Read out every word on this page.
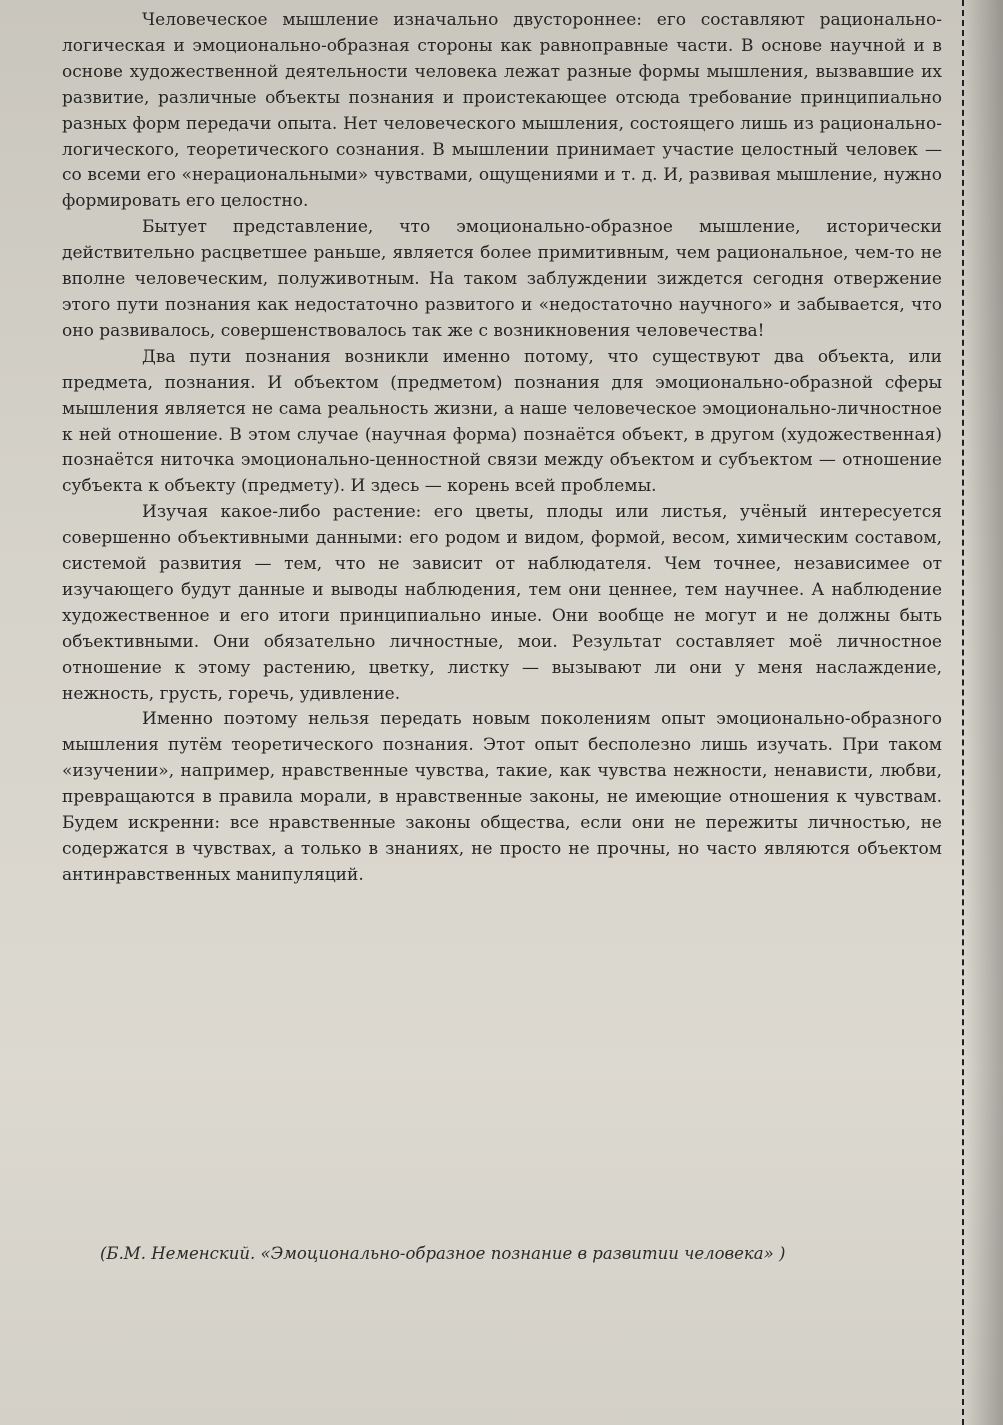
Человеческое мышление изначально двустороннее: его составляют рационально-логическая и эмоционально-образная стороны как равноправные части. В основе научной и в основе художественной деятельности человека лежат разные формы мышления, вызвавшие их развитие, различные объекты познания и проистекающее отсюда требование принципиально разных форм передачи опыта. Нет человеческого мышления, состоящего лишь из рационально-логического, теоретического сознания. В мышлении принимает участие целостный человек — со всеми его «нерациональными» чувствами, ощущениями и т. д. И, развивая мышление, нужно формировать его целостно.

Бытует представление, что эмоционально-образное мышление, исторически действительно расцветшее раньше, является более примитивным, чем рациональное, чем-то не вполне человеческим, полуживотным. На таком заблуждении зиждется сегодня отвержение этого пути познания как недостаточно развитого и «недостаточно научного» и забывается, что оно развивалось, совершенствовалось так же с возникновения человечества!

Два пути познания возникли именно потому, что существуют два объекта, или предмета, познания. И объектом (предметом) познания для эмоционально-образной сферы мышления является не сама реальность жизни, а наше человеческое эмоционально-личностное к ней отношение. В этом случае (научная форма) познаётся объект, в другом (художественная) познаётся ниточка эмоционально-ценностной связи между объектом и субъектом — отношение субъекта к объекту (предмету). И здесь — корень всей проблемы.

Изучая какое-либо растение: его цветы, плоды или листья, учёный интересуется совершенно объективными данными: его родом и видом, формой, весом, химическим составом, системой развития — тем, что не зависит от наблюдателя. Чем точнее, независимее от изучающего будут данные и выводы наблюдения, тем они ценнее, тем научнее. А наблюдение художественное и его итоги принципиально иные. Они вообще не могут и не должны быть объективными. Они обязательно личностные, мои. Результат составляет моё личностное отношение к этому растению, цветку, листку — вызывают ли они у меня наслаждение, нежность, грусть, горечь, удивление.

Именно поэтому нельзя передать новым поколениям опыт эмоционально-образного мышления путём теоретического познания. Этот опыт бесполезно лишь изучать. При таком «изучении», например, нравственные чувства, такие, как чувства нежности, ненависти, любви, превращаются в правила морали, в нравственные законы, не имеющие отношения к чувствам. Будем искренни: все нравственные законы общества, если они не пережиты личностью, не содержатся в чувствах, а только в знаниях, не просто не прочны, но часто являются объектом антинравственных манипуляций.

(Б.М. Неменский. «Эмоционально-образное познание в развитии человека» )
